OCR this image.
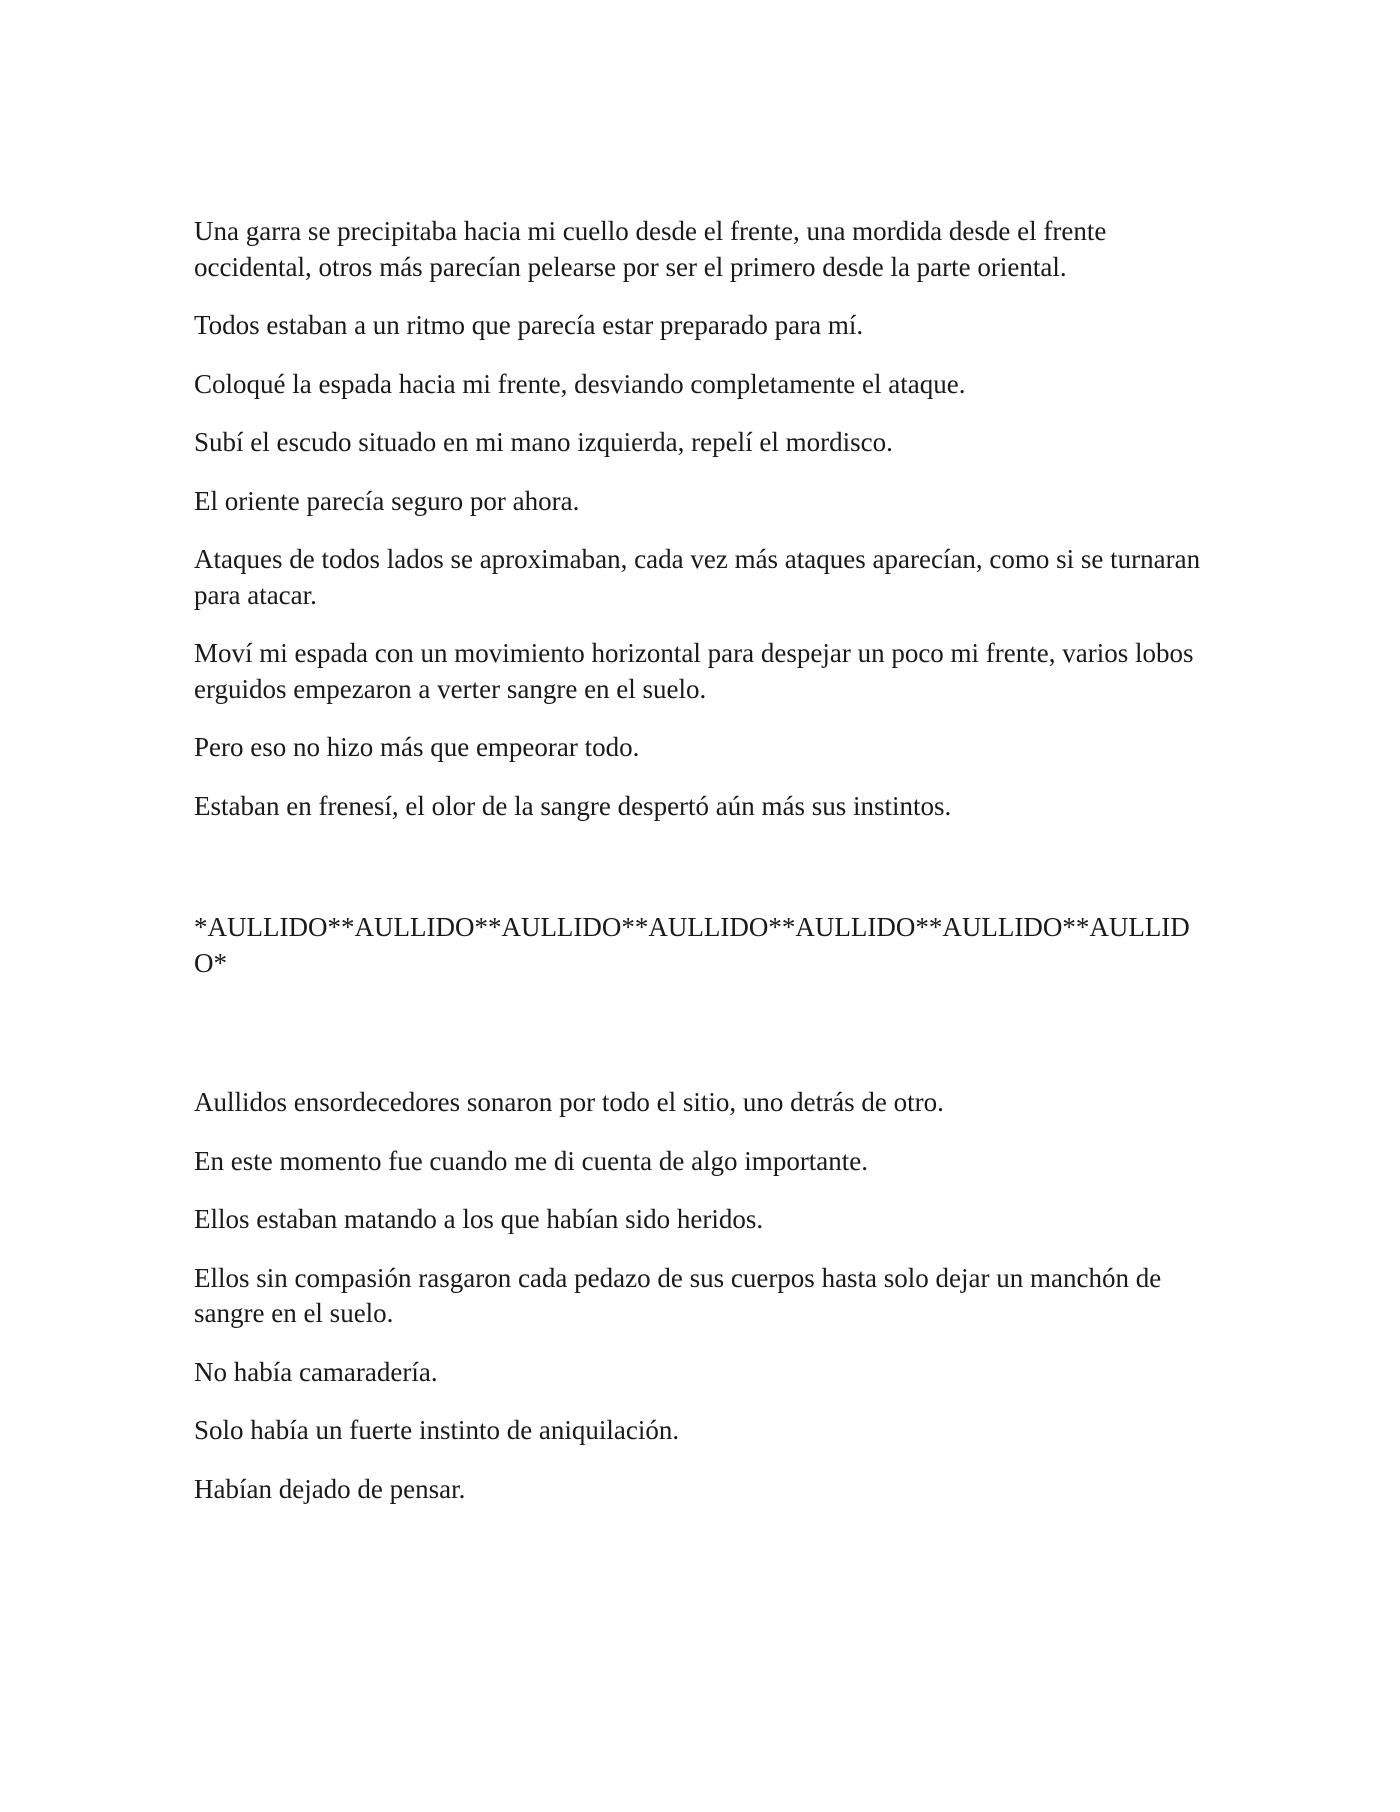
Una garra se precipitaba hacia mi cuello desde el frente, una mordida desde el frente occidental, otros más parecían pelearse por ser el primero desde la parte oriental.

Todos estaban a un ritmo que parecía estar preparado para mí.

Coloqué la espada hacia mi frente, desviando completamente el ataque.

Subí el escudo situado en mi mano izquierda, repelí el mordisco.

El oriente parecía seguro por ahora.

Ataques de todos lados se aproximaban, cada vez más ataques aparecían, como si se turnaran para atacar.

Moví mi espada con un movimiento horizontal para despejar un poco mi frente, varios lobos erguidos empezaron a verter sangre en el suelo.

Pero eso no hizo más que empeorar todo.

Estaban en frenesí, el olor de la sangre despertó aún más sus instintos.

*AULLIDO**AULLIDO**AULLIDO**AULLIDO**AULLIDO**AULLIDO**AULLIDO*

Aullidos ensordecedores sonaron por todo el sitio, uno detrás de otro.

En este momento fue cuando me di cuenta de algo importante.

Ellos estaban matando a los que habían sido heridos.

Ellos sin compasión rasgaron cada pedazo de sus cuerpos hasta solo dejar un manchón de sangre en el suelo.

No había camaradería.

Solo había un fuerte instinto de aniquilación.

Habían dejado de pensar.
